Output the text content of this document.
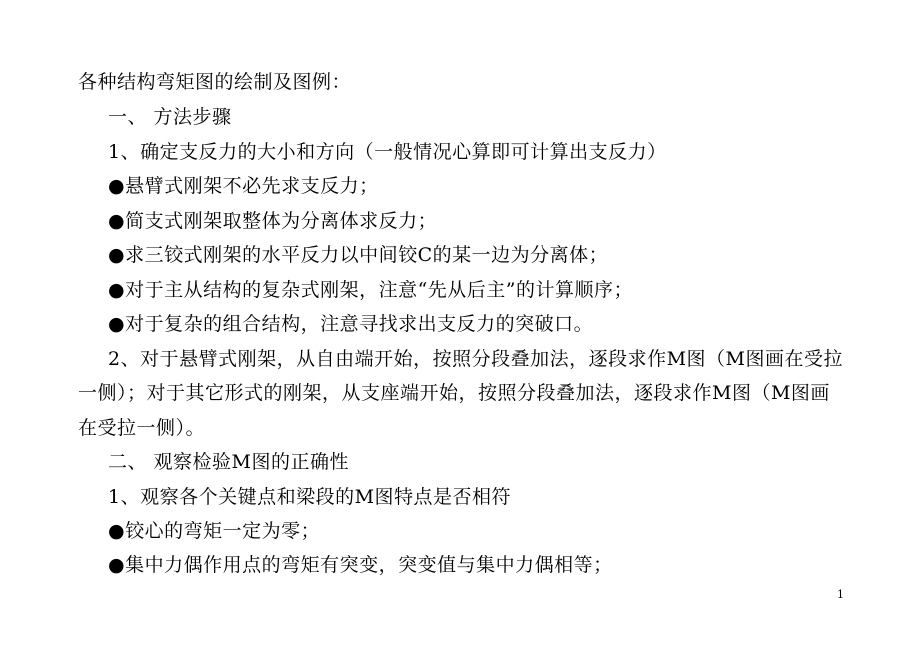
各种结构弯矩图的绘制及图例：
一、 方法步骤
1、确定支反力的大小和方向（一般情况心算即可计算出支反力）
●悬臂式刚架不必先求支反力；
●简支式刚架取整体为分离体求反力；
●求三铰式刚架的水平反力以中间铰C的某一边为分离体；
●对于主从结构的复杂式刚架，注意“先从后主”的计算顺序；
●对于复杂的组合结构，注意寻找求出支反力的突破口。
2、对于悬臂式刚架，从自由端开始，按照分段叠加法，逐段求作M图（M图画在受拉
一侧）；对于其它形式的刚架，从支座端开始，按照分段叠加法，逐段求作M图（M图画
在受拉一侧）。
二、 观察检验M图的正确性
1、观察各个关键点和梁段的M图特点是否相符
●铰心的弯矩一定为零；
●集中力偶作用点的弯矩有突变，突变值与集中力偶相等；
1
